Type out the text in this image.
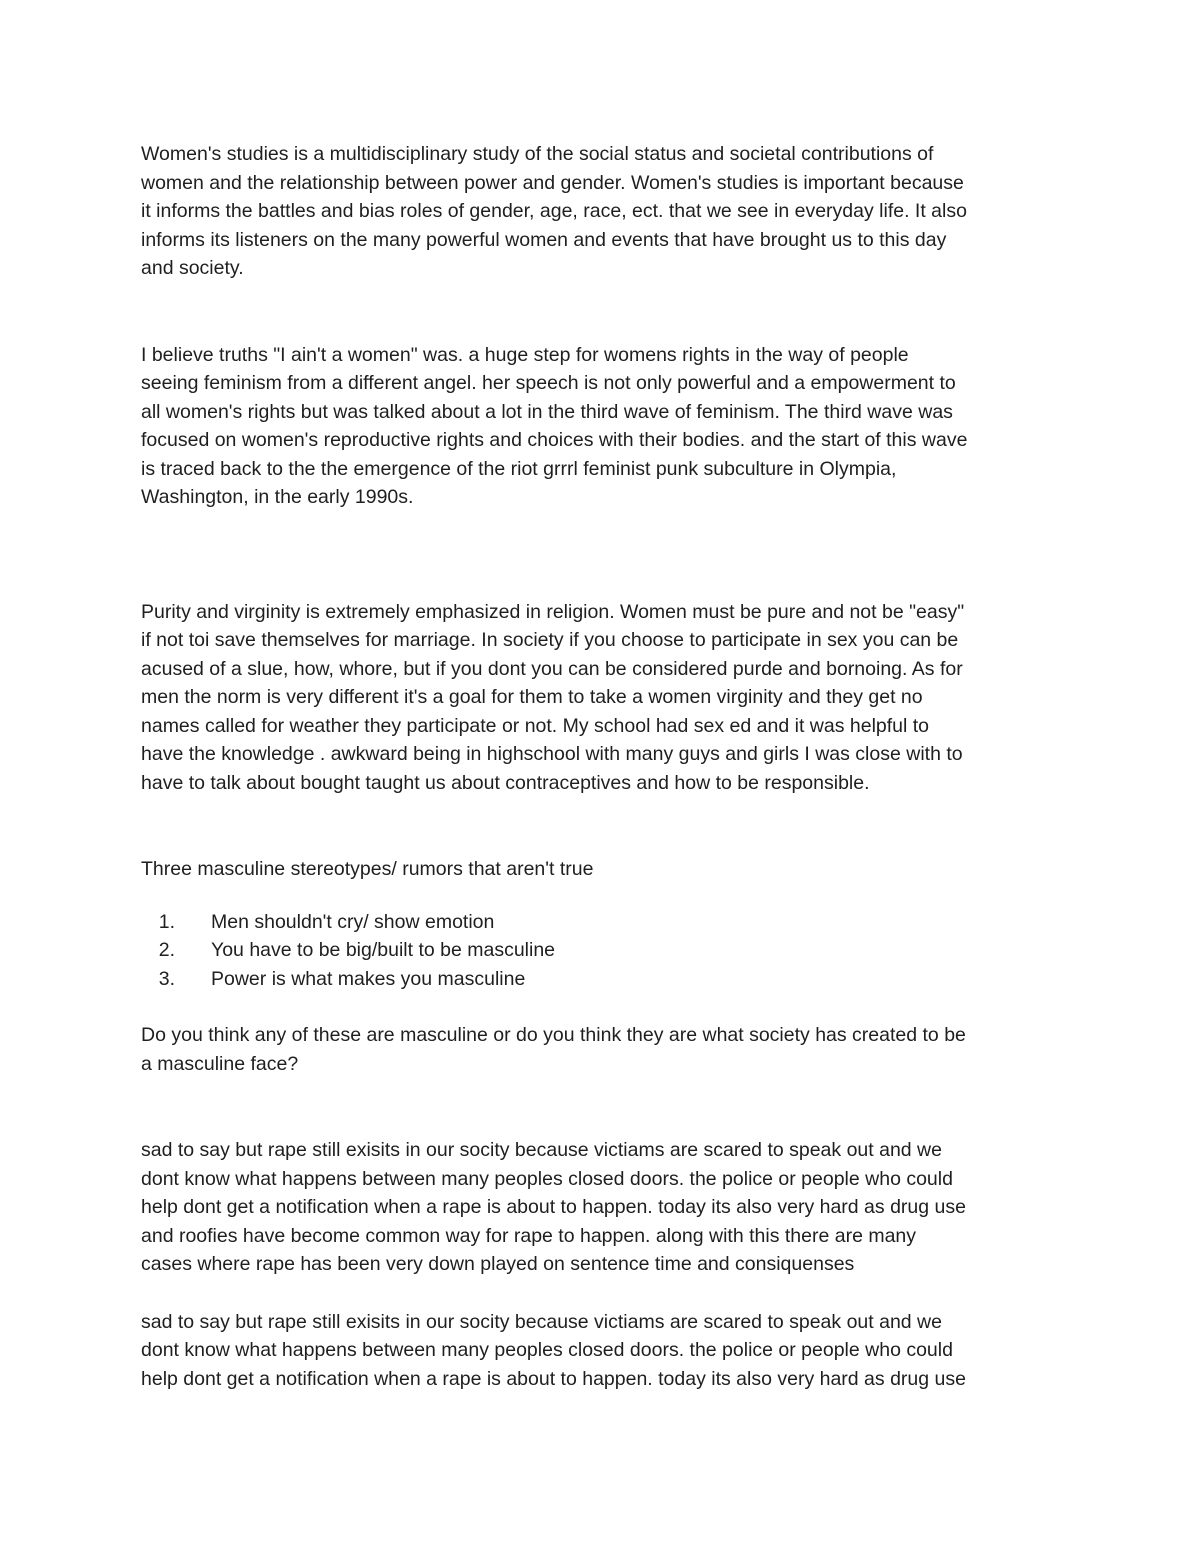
Women's studies is a multidisciplinary study of the social status and societal contributions of
women and the relationship between power and gender. Women's studies is important because
it informs the battles and bias roles of gender, age, race, ect. that we see in everyday life. It also
informs its listeners on the many powerful women and events that have brought us to this day
and society.

I believe truths "I ain't a women" was. a huge step for womens rights in the way of people
seeing feminism from a different angel. her speech is not only powerful and a empowerment to
all women's rights but was talked about a lot in the third wave of feminism. The third wave was
focused on women's reproductive rights and choices with their bodies. and the start of this wave
is traced back to the the emergence of the riot grrrl feminist punk subculture in Olympia,
Washington, in the early 1990s.

Purity and virginity is extremely emphasized in religion. Women must be pure and not be "easy"
if not toi save themselves for marriage. In society if you choose to participate in sex you can be
acused of a slue, how, whore, but if you dont you can be considered purde and bornoing. As for
men the norm is very different it's a goal for them to take a women virginity and they get no
names called for weather they participate or not. My school had sex ed and it was helpful to
have the knowledge . awkward being in highschool with many guys and girls I was close with to
have to talk about bought taught us about contraceptives and how to be responsible.

Three masculine stereotypes/ rumors that aren't true

1.	Men shouldn't cry/ show emotion
2.	You have to be big/built to be masculine
3.	Power is what makes you masculine

Do you think any of these are masculine or do you think they are what society has created to be
a masculine face?

sad to say but rape still exisits in our socity because victiams are scared to speak out and we
dont know what happens between many peoples closed doors. the police or people who could
help dont get a notification when a rape is about to happen. today its also very hard as drug use
and roofies have become common way for rape to happen. along with this there are many
cases where rape has been very down played on sentence time and consiquenses

sad to say but rape still exisits in our socity because victiams are scared to speak out and we
dont know what happens between many peoples closed doors. the police or people who could
help dont get a notification when a rape is about to happen. today its also very hard as drug use
